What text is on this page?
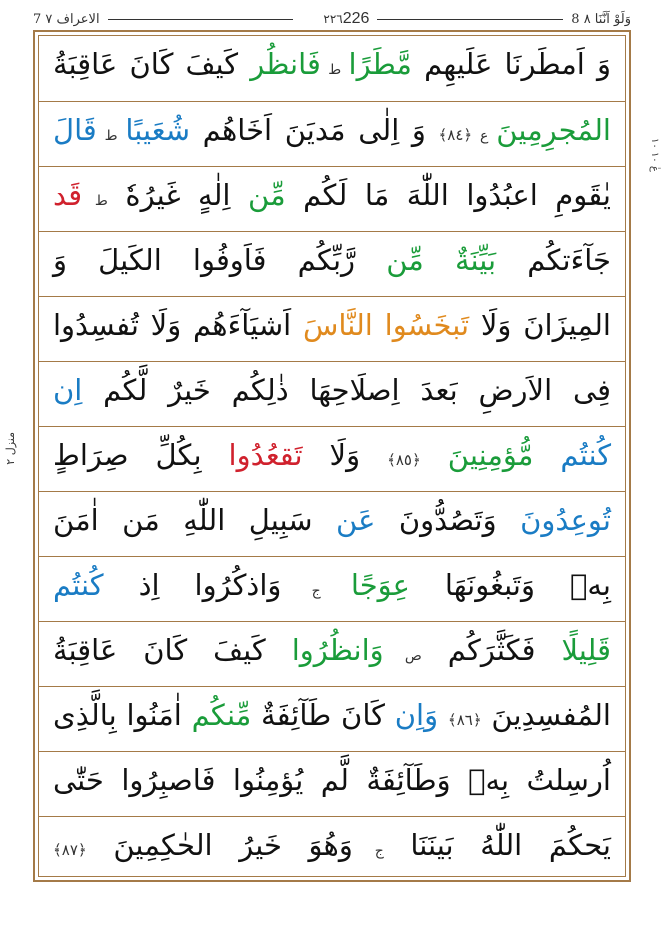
7 الاعراف ٧	٢٢٦ 226	8 وَلَوْ اَنَّنَا ٨
وَ اَمطَرنَا عَلَیهِم مَّطَرًا ط فَانظُر كَيفَ كَانَ عَاقِبَةُ
المُجرِمِينَ ع ﴿٨٤﴾ وَ اِلٰى مَديَنَ اَخَاهُم شُعَيبًا ط قَالَ
يٰقَومِ اعبُدُوا اللّٰهَ مَا لَكُم مِّن اِلٰهٍ غَيرُهٗ ط قَد
جَآءَتكُم بَيِّنَةٌ مِّن رَّبِّكُم فَاَوفُوا الكَيلَ وَ
المِيزَانَ وَلَا تَبخَسُوا النَّاسَ اَشيَآءَهُم وَلَا تُفسِدُوا
فِى الاَرضِ بَعدَ اِصلَاحِهَا ذٰلِكُم خَيرٌ لَّكُم اِن
كُنتُم مُّؤمِنِينَ ﴿٨٥﴾ وَلَا تَقعُدُوا بِكُلِّ صِرَاطٍ
تُوعِدُونَ وَتَصُدُّونَ عَن سَبِيلِ اللّٰهِ مَن اٰمَنَ
بِهٖ وَتَبغُونَهَا عِوَجًا ج وَاذكُرُوا اِذ كُنتُم
قَلِيلًا فَكَثَّرَكُم ص وَانظُرُوا كَيفَ كَانَ عَاقِبَةُ
المُفسِدِينَ ﴿٨٦﴾ وَاِن كَانَ طَآئِفَةٌ مِّنكُم اٰمَنُوا بِالَّذِى
اُرسِلتُ بِهٖ وَطَآئِفَةٌ لَّم يُؤمِنُوا فَاصبِرُوا حَتّٰى
يَحكُمَ اللّٰهُ بَينَنَا ج وَهُوَ خَيرُ الحٰكِمِينَ ﴿٨٧﴾
عٰ ١٠ ١٠
منزل ٢
